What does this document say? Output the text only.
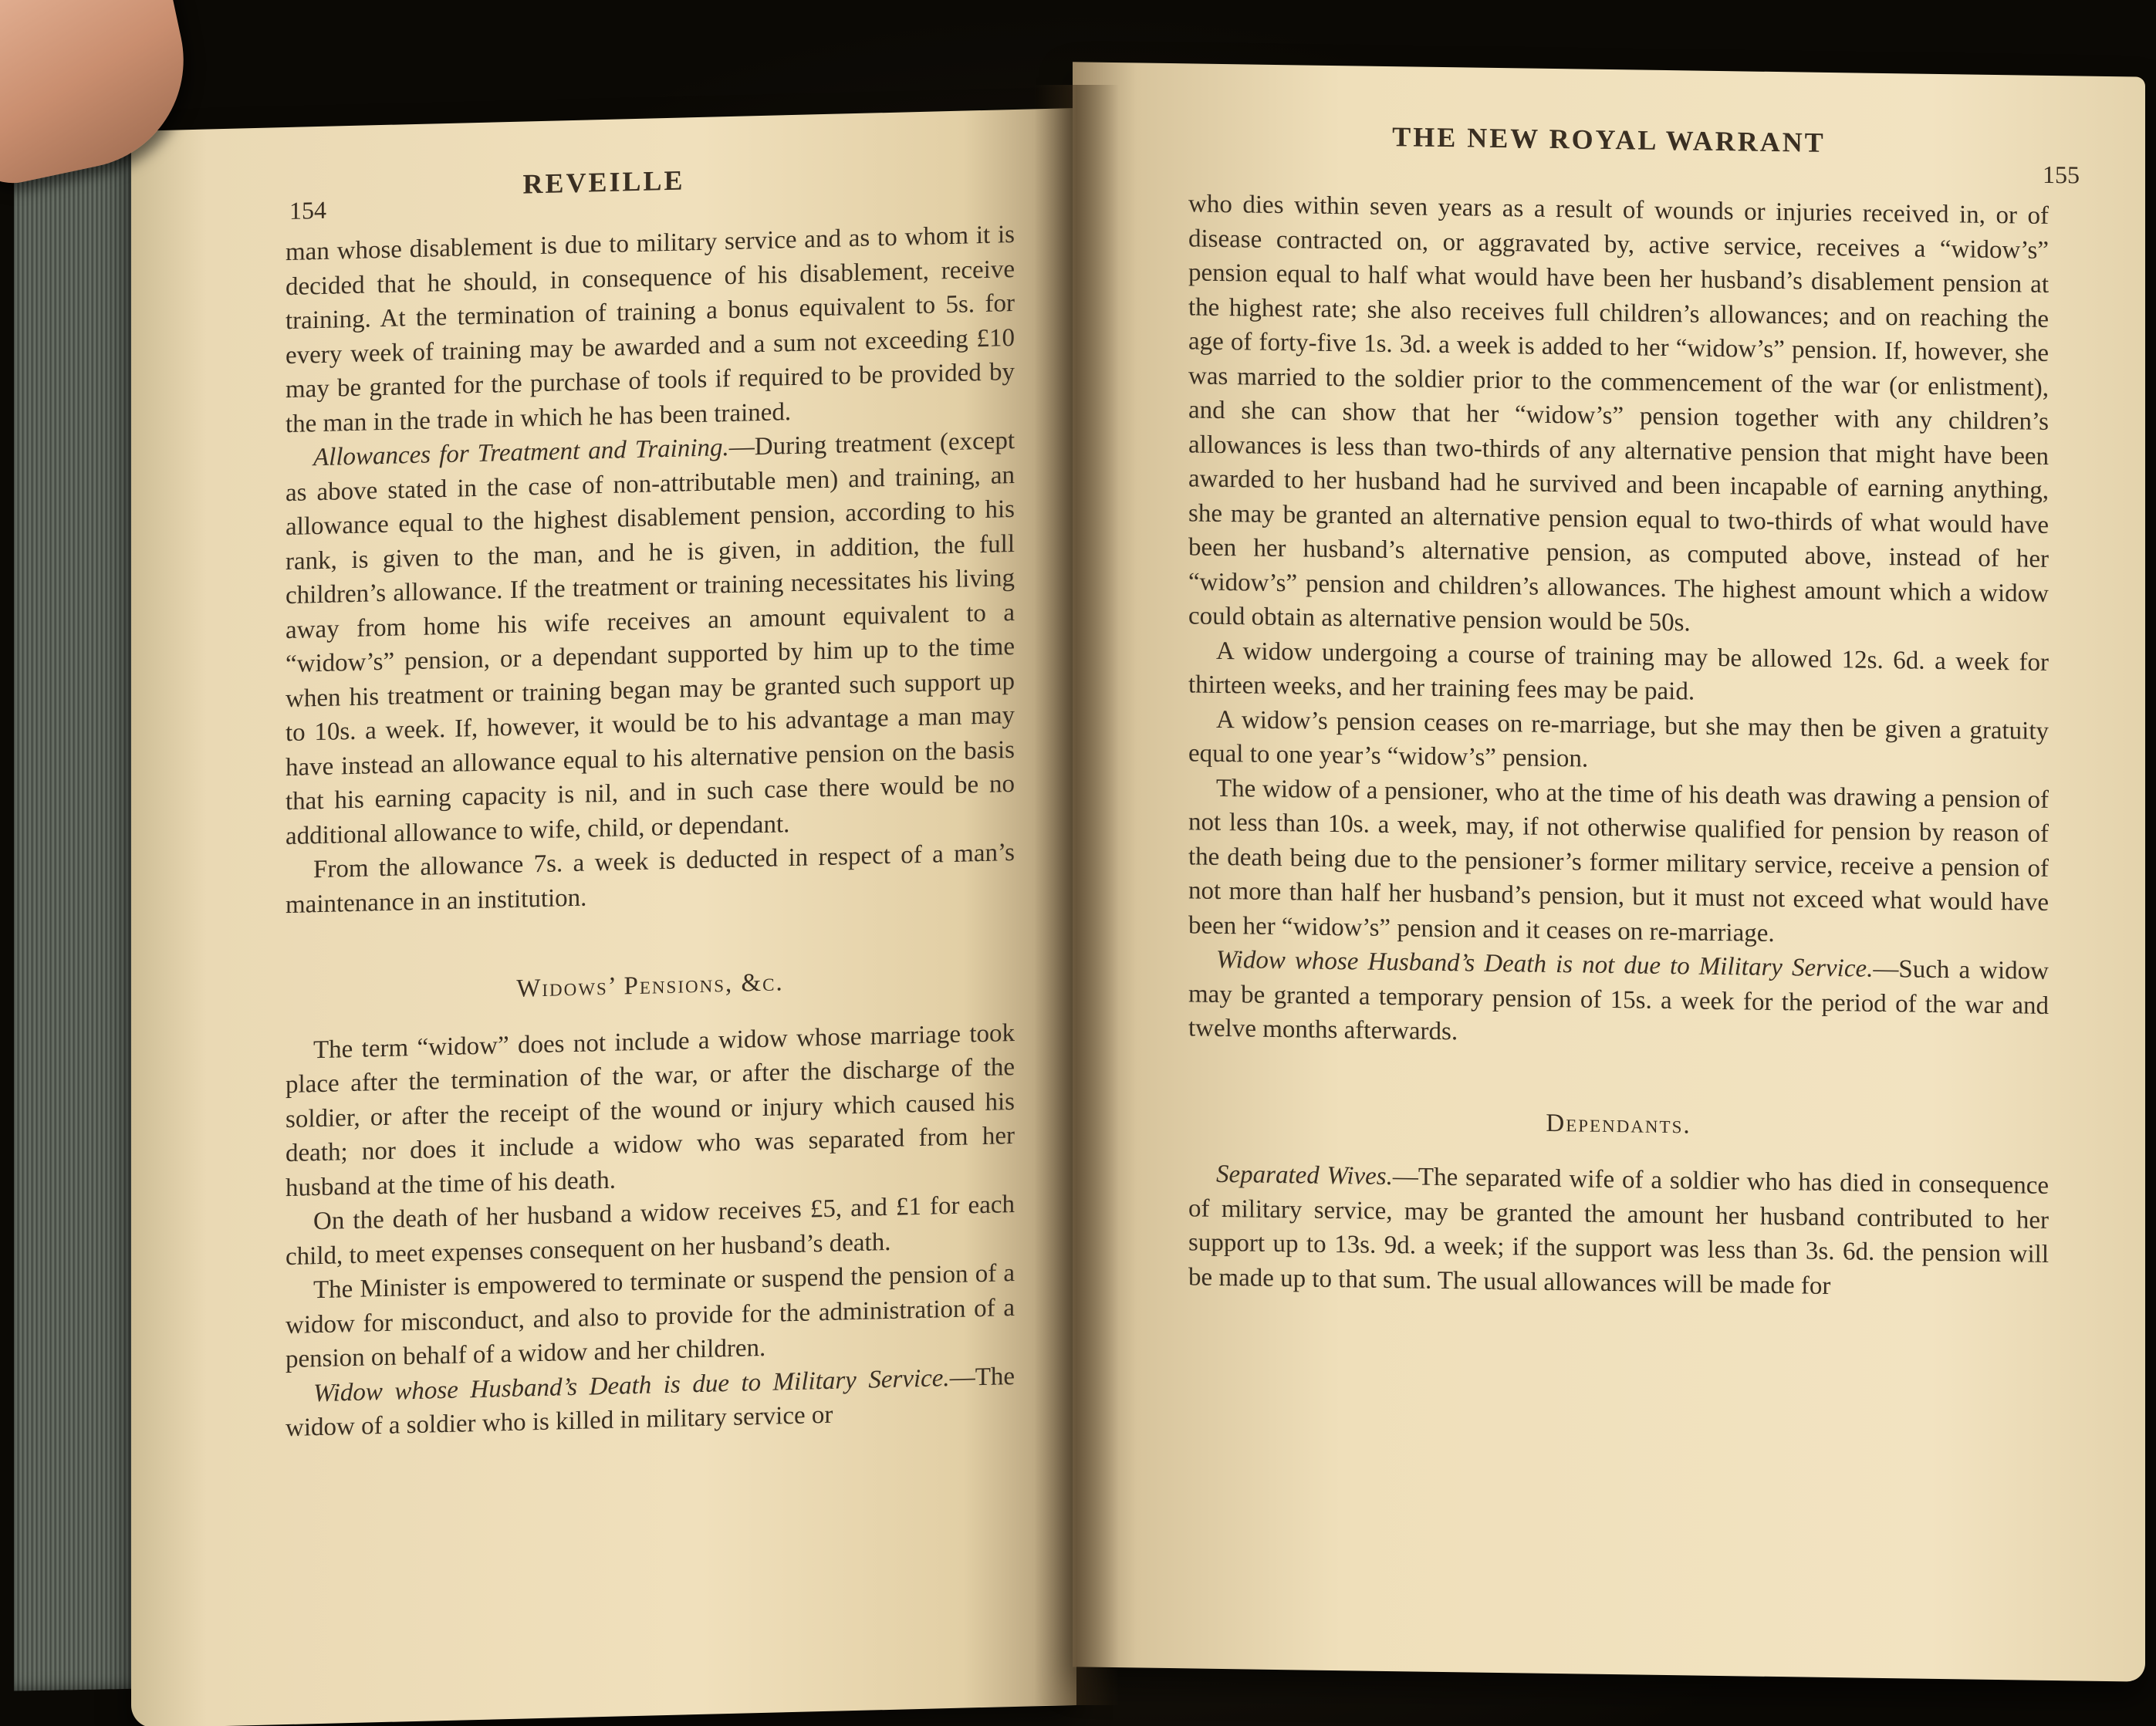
154
REVEILLE

man whose disablement is due to military service and as to whom it is decided that he should, in consequence of his disablement, receive training. At the termination of training a bonus equivalent to 5s. for every week of training may be awarded and a sum not exceeding £10 may be granted for the purchase of tools if required to be provided by the man in the trade in which he has been trained.

Allowances for Treatment and Training.—During treatment (except as above stated in the case of non-attributable men) and training, an allowance equal to the highest disablement pension, according to his rank, is given to the man, and he is given, in addition, the full children’s allowance. If the treatment or training necessitates his living away from home his wife receives an amount equivalent to a “widow’s” pension, or a dependant supported by him up to the time when his treatment or training began may be granted such support up to 10s. a week. If, however, it would be to his advantage a man may have instead an allowance equal to his alternative pension on the basis that his earning capacity is nil, and in such case there would be no additional allowance to wife, child, or dependant.

From the allowance 7s. a week is deducted in respect of a man’s maintenance in an institution.

Widows’ Pensions, &c.

The term “widow” does not include a widow whose marriage took place after the termination of the war, or after the discharge of the soldier, or after the receipt of the wound or injury which caused his death; nor does it include a widow who was separated from her husband at the time of his death.

On the death of her husband a widow receives £5, and £1 for each child, to meet expenses consequent on her husband’s death.

The Minister is empowered to terminate or suspend the pension of a widow for misconduct, and also to provide for the administration of a pension on behalf of a widow and her children.

Widow whose Husband’s Death is due to Military Service.—The widow of a soldier who is killed in military service or

THE NEW ROYAL WARRANT
155

who dies within seven years as a result of wounds or injuries received in, or of disease contracted on, or aggravated by, active service, receives a “widow’s” pension equal to half what would have been her husband’s disablement pension at the highest rate; she also receives full children’s allowances; and on reaching the age of forty-five 1s. 3d. a week is added to her “widow’s” pension. If, however, she was married to the soldier prior to the commencement of the war (or enlistment), and she can show that her “widow’s” pension together with any children’s allowances is less than two-thirds of any alternative pension that might have been awarded to her husband had he survived and been incapable of earning anything, she may be granted an alternative pension equal to two-thirds of what would have been her husband’s alternative pension, as computed above, instead of her “widow’s” pension and children’s allowances. The highest amount which a widow could obtain as alternative pension would be 50s.

A widow undergoing a course of training may be allowed 12s. 6d. a week for thirteen weeks, and her training fees may be paid.

A widow’s pension ceases on re-marriage, but she may then be given a gratuity equal to one year’s “widow’s” pension.

The widow of a pensioner, who at the time of his death was drawing a pension of not less than 10s. a week, may, if not otherwise qualified for pension by reason of the death being due to the pensioner’s former military service, receive a pension of not more than half her husband’s pension, but it must not exceed what would have been her “widow’s” pension and it ceases on re-marriage.

Widow whose Husband’s Death is not due to Military Service.—Such a widow may be granted a temporary pension of 15s. a week for the period of the war and twelve months afterwards.

Dependants.

Separated Wives.—The separated wife of a soldier who has died in consequence of military service, may be granted the amount her husband contributed to her support up to 13s. 9d. a week; if the support was less than 3s. 6d. the pension will be made up to that sum. The usual allowances will be made for
